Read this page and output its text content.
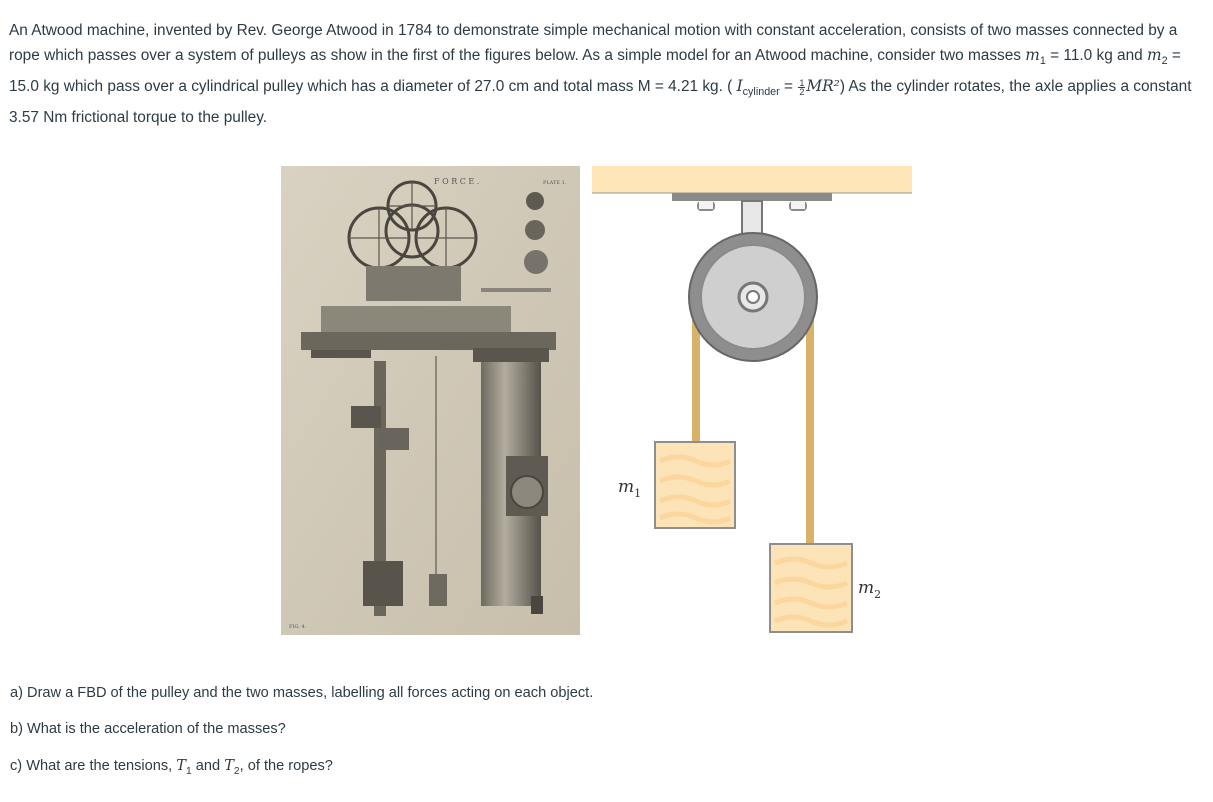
An Atwood machine, invented by Rev. George Atwood in 1784 to demonstrate simple mechanical motion with constant acceleration, consists of two masses connected by a rope which passes over a system of pulleys as show in the first of the figures below. As a simple model for an Atwood machine, consider two masses $m_1 = 11.0$ kg and $m_2 = 15.0$ kg which pass over a cylindrical pulley which has a diameter of 27.0 cm and total mass M = 4.21 kg. ( $I_{cylinder} = \frac{1}{2} MR^2$) As the cylinder rotates, the axle applies a constant 3.57 Nm frictional torque to the pulley.

F O R C E .	PLATE 1.
FIG. 4.
$m_1$
$m_2$

a) Draw a FBD of the pulley and the two masses, labelling all forces acting on each object.

b) What is the acceleration of the masses?

c) What are the tensions, $T_1$ and $T_2$, of the ropes?
